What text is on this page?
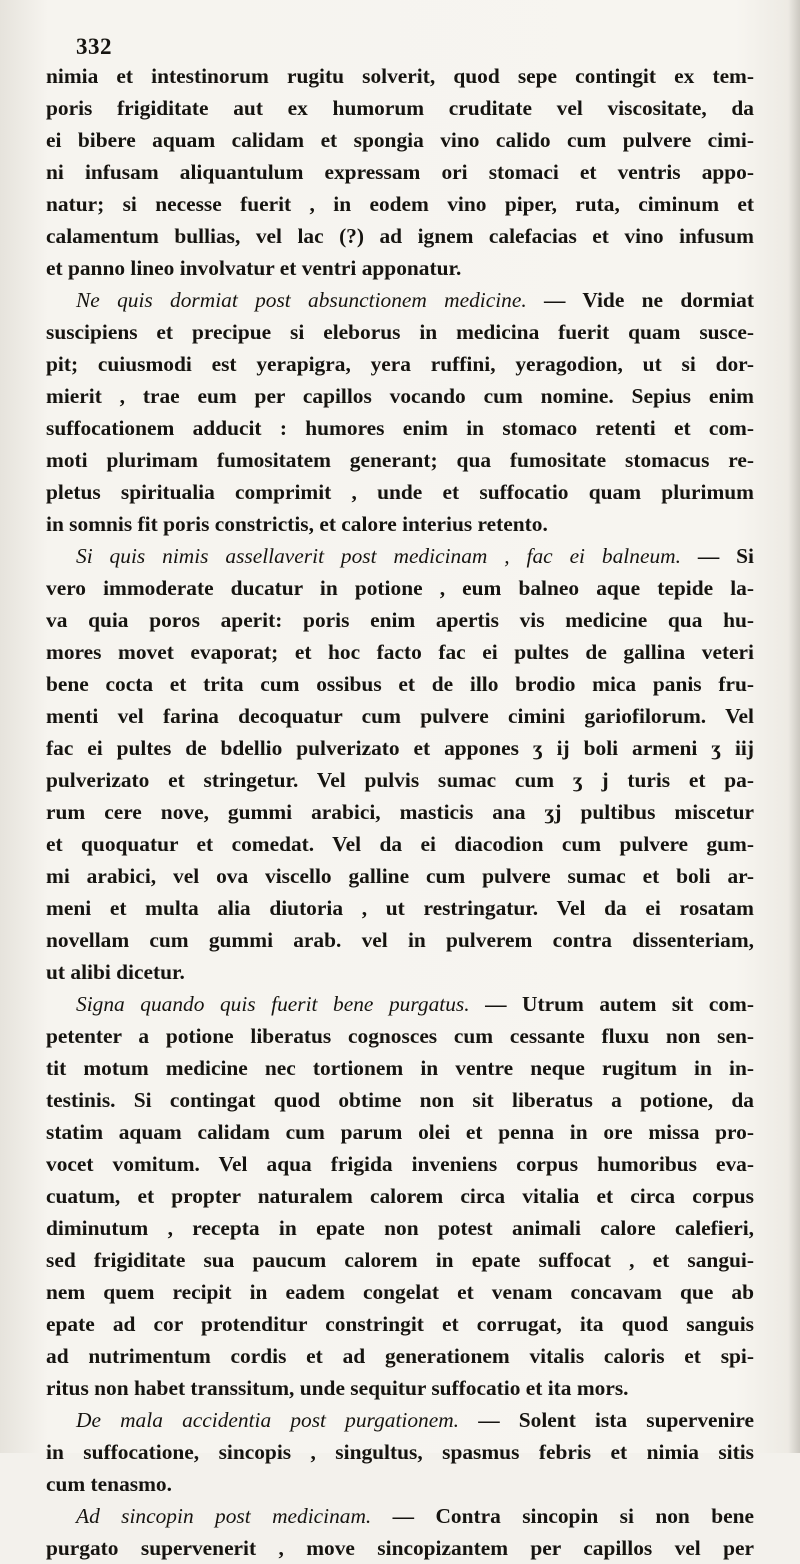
332
nimia et intestinorum rugitu solverit, quod sepe contingit ex tem-
poris frigiditate aut ex humorum cruditate vel viscositate, da
ei bibere aquam calidam et spongia vino calido cum pulvere cimi-
ni infusam aliquantulum expressam ori stomaci et ventris appo-
natur; si necesse fuerit , in eodem vino piper, ruta, ciminum et
calamentum bullias, vel lac (?) ad ignem calefacias et vino infusum
et panno lineo involvatur et ventri apponatur.
Ne quis dormiat post absunctionem medicine. — Vide ne dormiat
suscipiens et precipue si eleborus in medicina fuerit quam susce-
pit; cuiusmodi est yerapigra, yera ruffini, yeragodion, ut si dor-
mierit , trae eum per capillos vocando cum nomine. Sepius enim
suffocationem adducit : humores enim in stomaco retenti et com-
moti plurimam fumositatem generant; qua fumositate stomacus re-
pletus spiritualia comprimit , unde et suffocatio quam plurimum
in somnis fit poris constrictis, et calore interius retento.
Si quis nimis assellaverit post medicinam , fac ei balneum. — Si
vero immoderate ducatur in potione , eum balneo aque tepide la-
va quia poros aperit: poris enim apertis vis medicine qua hu-
mores movet evaporat; et hoc facto fac ei pultes de gallina veteri
bene cocta et trita cum ossibus et de illo brodio mica panis fru-
menti vel farina decoquatur cum pulvere cimini gariofilorum. Vel
fac ei pultes de bdellio pulverizato et appones ʒ ij boli armeni ʒ iij
pulverizato et stringetur. Vel pulvis sumac cum ʒ j turis et pa-
rum cere nove, gummi arabici, masticis ana ʒj pultibus miscetur
et quoquatur et comedat. Vel da ei diacodion cum pulvere gum-
mi arabici, vel ova viscello galline cum pulvere sumac et boli ar-
meni et multa alia diutoria , ut restringatur. Vel da ei rosatam
novellam cum gummi arab. vel in pulverem contra dissenteriam,
ut alibi dicetur.
Signa quando quis fuerit bene purgatus. — Utrum autem sit com-
petenter a potione liberatus cognosces cum cessante fluxu non sen-
tit motum medicine nec tortionem in ventre neque rugitum in in-
testinis. Si contingat quod obtime non sit liberatus a potione, da
statim aquam calidam cum parum olei et penna in ore missa pro-
vocet vomitum. Vel aqua frigida inveniens corpus humoribus eva-
cuatum, et propter naturalem calorem circa vitalia et circa corpus
diminutum , recepta in epate non potest animali calore calefieri,
sed frigiditate sua paucum calorem in epate suffocat , et sangui-
nem quem recipit in eadem congelat et venam concavam que ab
epate ad cor protenditur constringit et corrugat, ita quod sanguis
ad nutrimentum cordis et ad generationem vitalis caloris et spi-
ritus non habet transsitum, unde sequitur suffocatio et ita mors.
De mala accidentia post purgationem. — Solent ista supervenire
in suffocatione, sincopis , singultus, spasmus febris et nimia sitis
cum tenasmo.
Ad sincopin post medicinam. — Contra sincopin si non bene
purgato supervenerit , move sincopizantem per capillos vel per
